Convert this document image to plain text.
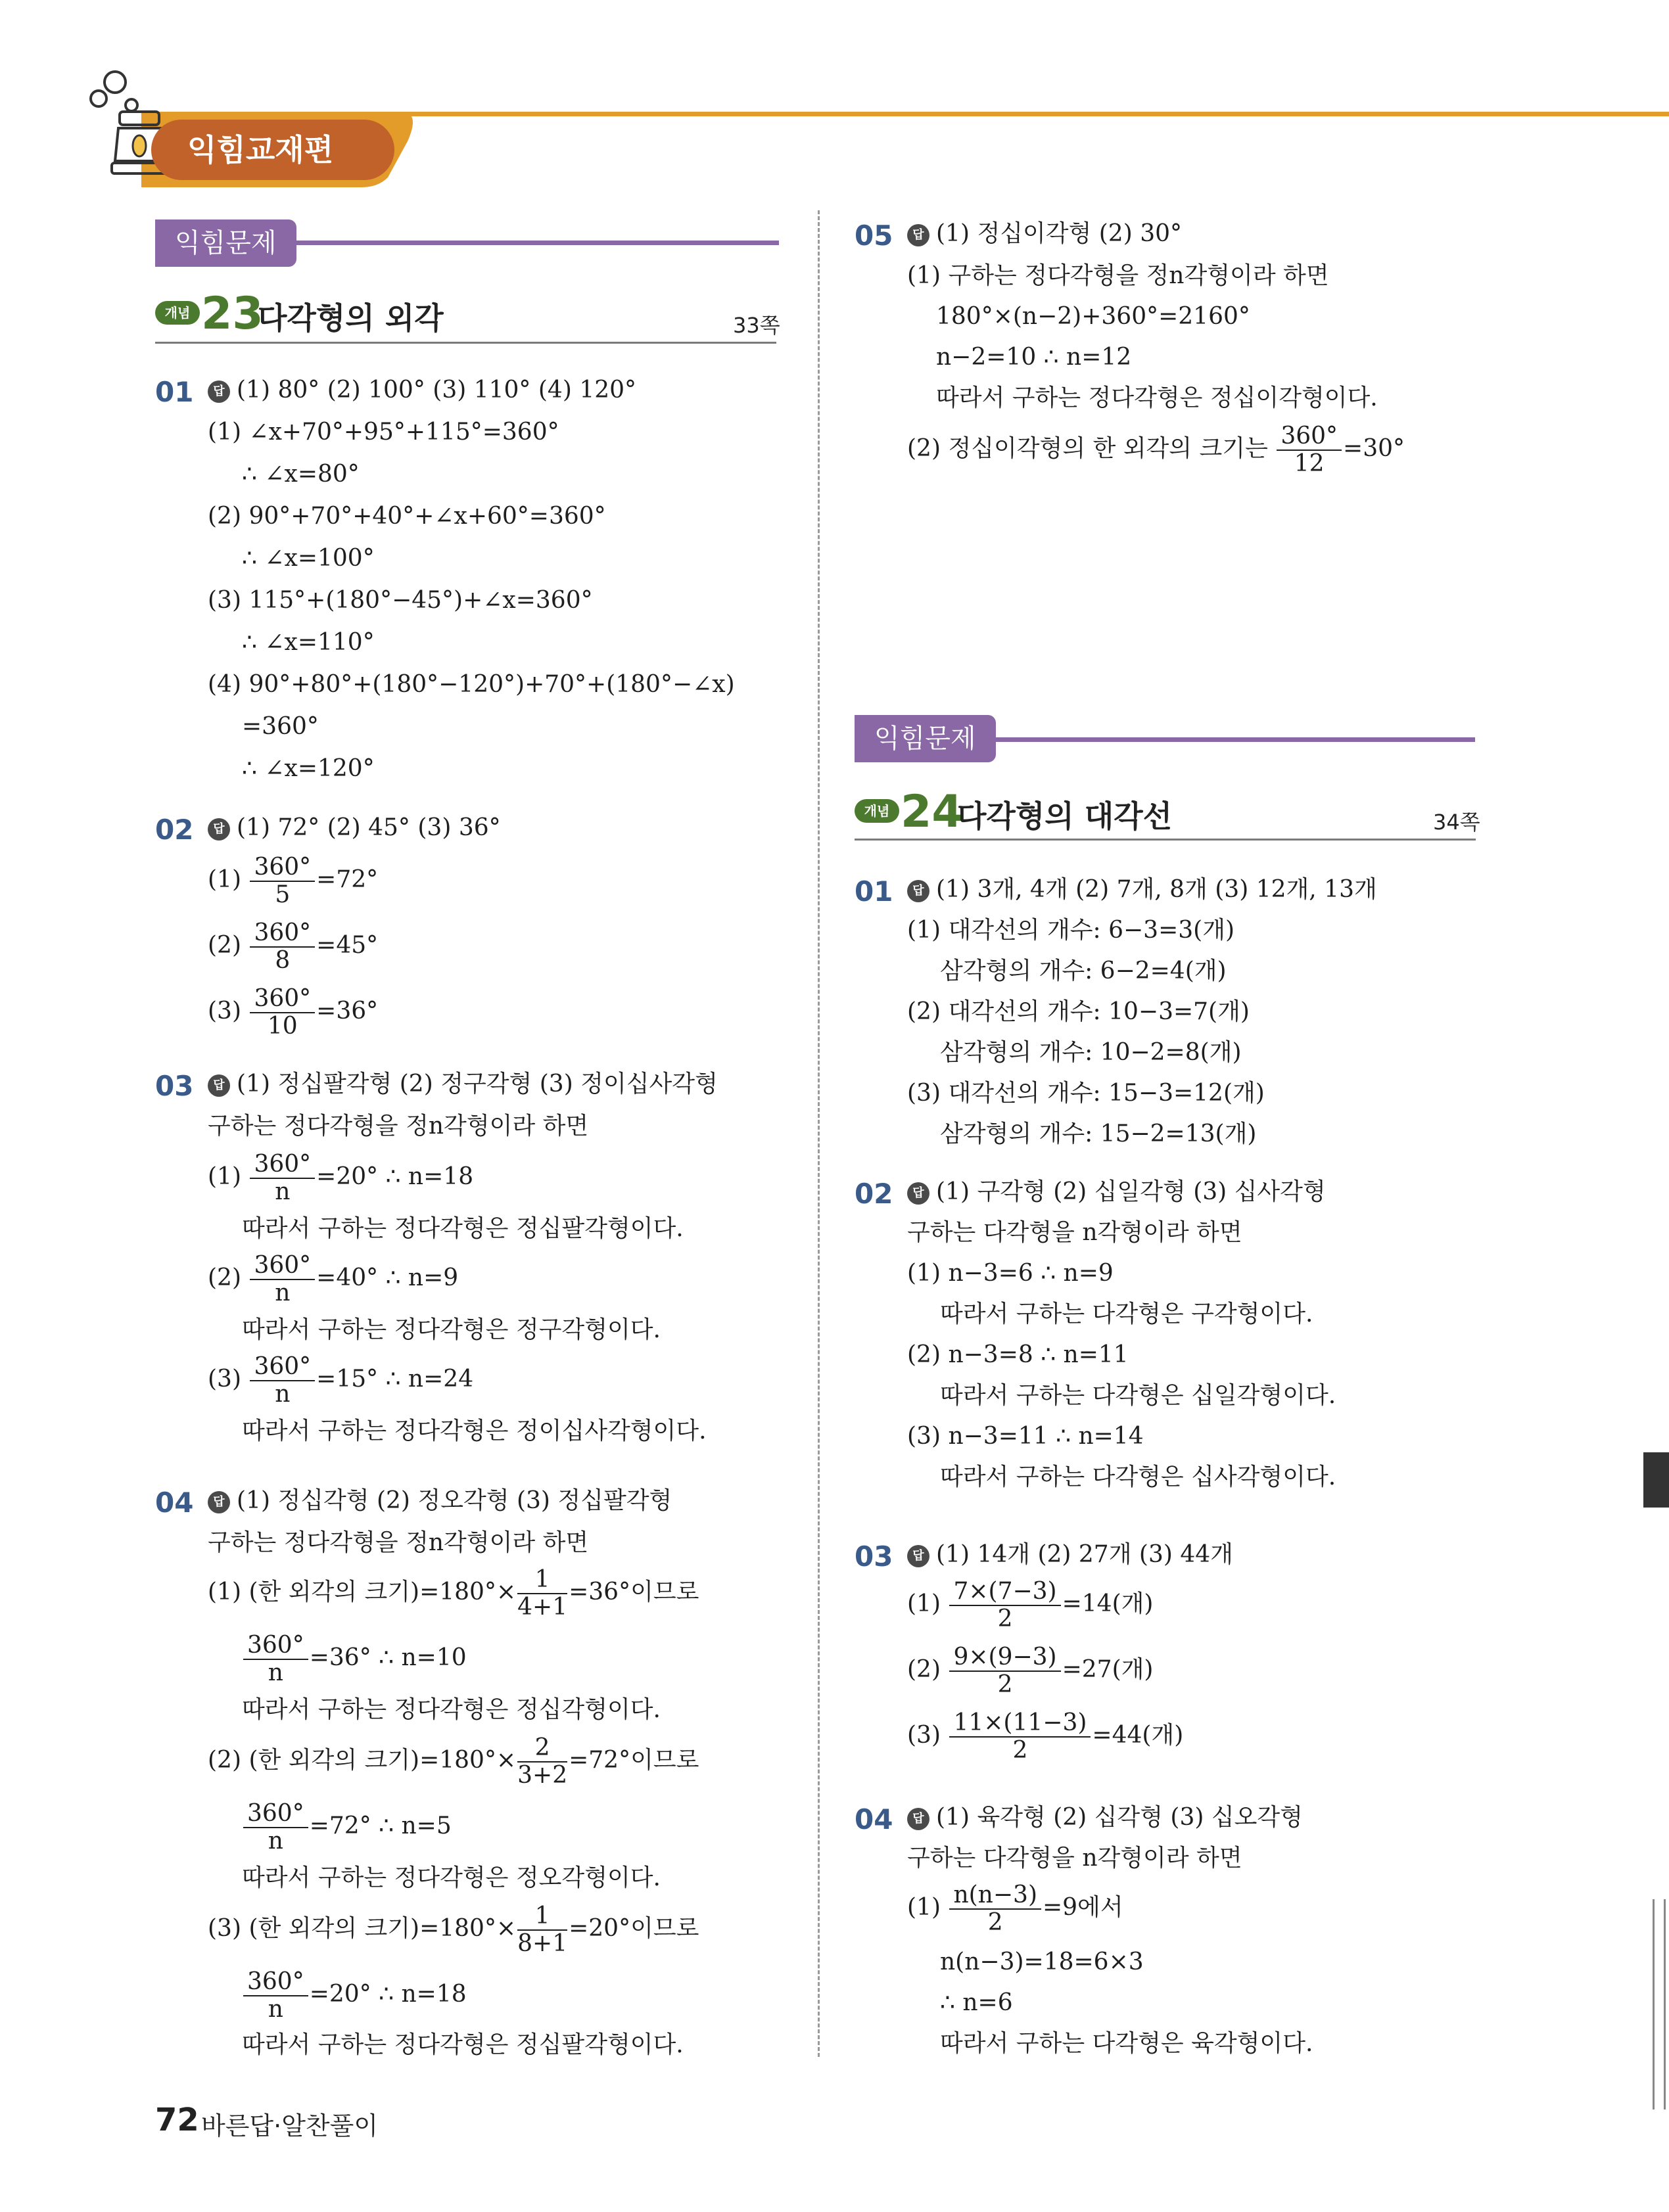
익힘교재편
익힘문제
개념 23
다각형의 외각	33쪽
01	답 (1) 80° (2) 100° (3) 110° (4) 120°
(1) ∠x+70°+95°+115°=360°
∴ ∠x=80°
(2) 90°+70°+40°+∠x+60°=360°
∴ ∠x=100°
(3) 115°+(180°−45°)+∠x=360°
∴ ∠x=110°
(4) 90°+80°+(180°−120°)+70°+(180°−∠x)
=360°
∴ ∠x=120°
02	답 (1) 72° (2) 45° (3) 36°
$(1) \frac{360^\circ}{5} =72^\circ$
$(2) \frac{360^\circ}{8} =45^\circ$
$(3) \frac{360^\circ}{10} =36^\circ$
03	답 (1) 정십팔각형 (2) 정구각형 (3) 정이십사각형
구하는 정다각형을 정n각형이라 하면
$(1) \frac{360^\circ}{n} =20^\circ$ ∴ n=18
따라서 구하는 정다각형은 정십팔각형이다.
$(2) \frac{360^\circ}{n} =40^\circ$ ∴ n=9
따라서 구하는 정다각형은 정구각형이다.
$(3) \frac{360^\circ}{n} =15^\circ$ ∴ n=24
따라서 구하는 정다각형은 정이십사각형이다.
04	답 (1) 정십각형 (2) 정오각형 (3) 정십팔각형
구하는 정다각형을 정n각형이라 하면
(1) (한 외각의 크기)$=180^\circ\times \frac{1}{4+1} =36^\circ$이므로
$\frac{360^\circ}{n} =36^\circ$ ∴ n=10
따라서 구하는 정다각형은 정십각형이다.
(2) (한 외각의 크기)$=180^\circ\times \frac{2}{3+2} =72^\circ$이므로
$\frac{360^\circ}{n} =72^\circ$ ∴ n=5
따라서 구하는 정다각형은 정오각형이다.
(3) (한 외각의 크기)$=180^\circ\times \frac{1}{8+1} =20^\circ$이므로
$\frac{360^\circ}{n} =20^\circ$ ∴ n=18
따라서 구하는 정다각형은 정십팔각형이다.
05	답 (1) 정십이각형 (2) 30°
(1) 구하는 정다각형을 정n각형이라 하면
180°×(n−2)+360°=2160°
n−2=10 ∴ n=12
따라서 구하는 정다각형은 정십이각형이다.
(2) 정십이각형의 한 외각의 크기는 $\frac{360^\circ}{12} =30^\circ$
익힘문제
개념 24
다각형의 대각선	34쪽
01	답 (1) 3개, 4개 (2) 7개, 8개 (3) 12개, 13개
(1) 대각선의 개수: 6−3=3(개)
삼각형의 개수: 6−2=4(개)
(2) 대각선의 개수: 10−3=7(개)
삼각형의 개수: 10−2=8(개)
(3) 대각선의 개수: 15−3=12(개)
삼각형의 개수: 15−2=13(개)
02	답 (1) 구각형 (2) 십일각형 (3) 십사각형
구하는 다각형을 n각형이라 하면
(1) n−3=6 ∴ n=9
따라서 구하는 다각형은 구각형이다.
(2) n−3=8 ∴ n=11
따라서 구하는 다각형은 십일각형이다.
(3) n−3=11 ∴ n=14
따라서 구하는 다각형은 십사각형이다.
03	답 (1) 14개 (2) 27개 (3) 44개
$(1) \frac{7\times(7-3)}{2} =14$(개)
$(2) \frac{9\times(9-3)}{2} =27$(개)
$(3) \frac{11\times(11-3)}{2} =44$(개)
04	답 (1) 육각형 (2) 십각형 (3) 십오각형
구하는 다각형을 n각형이라 하면
$(1) \frac{n(n-3)}{2} =9$에서
n(n−3)=18=6×3
∴ n=6
따라서 구하는 다각형은 육각형이다.
72 바른답·알찬풀이
